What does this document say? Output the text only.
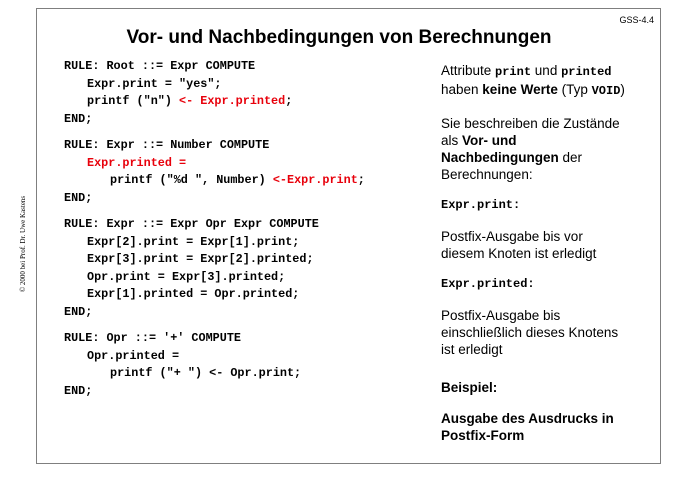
GSS-4.4
Vor- und Nachbedingungen von Berechnungen
© 2000 bei Prof. Dr. Uwe Kastens
RULE: Root ::= Expr COMPUTE
Expr.print = "yes";
printf ("n") <- Expr.printed;
END;
RULE: Expr ::= Number COMPUTE
Expr.printed =
printf ("%d ", Number) <-Expr.print;
END;
RULE: Expr ::= Expr Opr Expr COMPUTE
Expr[2].print = Expr[1].print;
Expr[3].print = Expr[2].printed;
Opr.print = Expr[3].printed;
Expr[1].printed = Opr.printed;
END;
RULE: Opr ::= '+' COMPUTE
Opr.printed =
printf ("+ ") <- Opr.print;
END;

Attribute print und printed
haben keine Werte (Typ VOID)

Sie beschreiben die Zustände
als Vor- und
Nachbedingungen der
Berechnungen:

Expr.print:

Postfix-Ausgabe bis vor
diesem Knoten ist erledigt

Expr.printed:

Postfix-Ausgabe bis
einschließlich dieses Knotens
ist erledigt

Beispiel:

Ausgabe des Ausdrucks in
Postfix-Form
